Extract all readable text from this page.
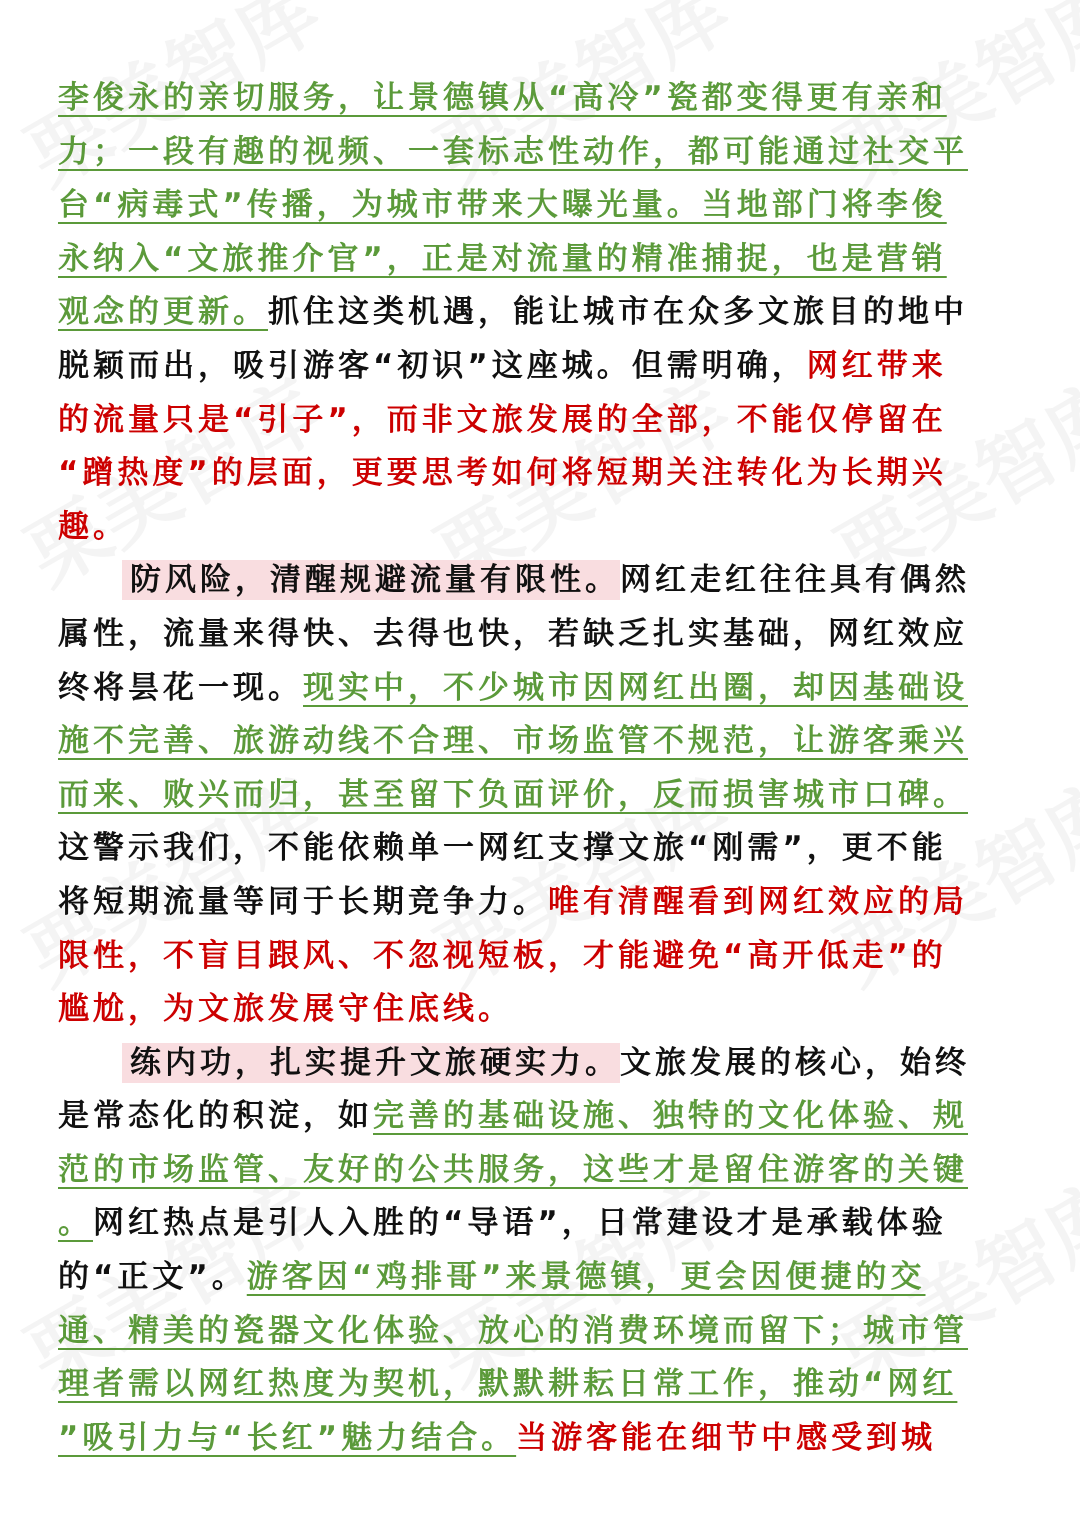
李俊永的亲切服务，让景德镇从“高冷”瓷都变得更有亲和
力；一段有趣的视频、一套标志性动作，都可能通过社交平
台“病毒式”传播，为城市带来大曝光量。当地部门将李俊
永纳入“文旅推介官”，正是对流量的精准捕捉，也是营销
观念的更新。抓住这类机遇，能让城市在众多文旅目的地中
脱颖而出，吸引游客“初识”这座城。但需明确，网红带来
的流量只是“引子”，而非文旅发展的全部，不能仅停留在
“蹭热度”的层面，更要思考如何将短期关注转化为长期兴
趣。
防风险，清醒规避流量有限性。网红走红往往具有偶然
属性，流量来得快、去得也快，若缺乏扎实基础，网红效应
终将昙花一现。现实中，不少城市因网红出圈，却因基础设
施不完善、旅游动线不合理、市场监管不规范，让游客乘兴
而来、败兴而归，甚至留下负面评价，反而损害城市口碑。
这警示我们，不能依赖单一网红支撑文旅“刚需”，更不能
将短期流量等同于长期竞争力。唯有清醒看到网红效应的局
限性，不盲目跟风、不忽视短板，才能避免“高开低走”的
尴尬，为文旅发展守住底线。
练内功，扎实提升文旅硬实力。文旅发展的核心，始终
是常态化的积淀，如完善的基础设施、独特的文化体验、规
范的市场监管、友好的公共服务，这些才是留住游客的关键
。网红热点是引人入胜的“导语”，日常建设才是承载体验
的“正文”。游客因“鸡排哥”来景德镇，更会因便捷的交
通、精美的瓷器文化体验、放心的消费环境而留下；城市管
理者需以网红热度为契机，默默耕耘日常工作，推动“网红
”吸引力与“长红”魅力结合。当游客能在细节中感受到城
